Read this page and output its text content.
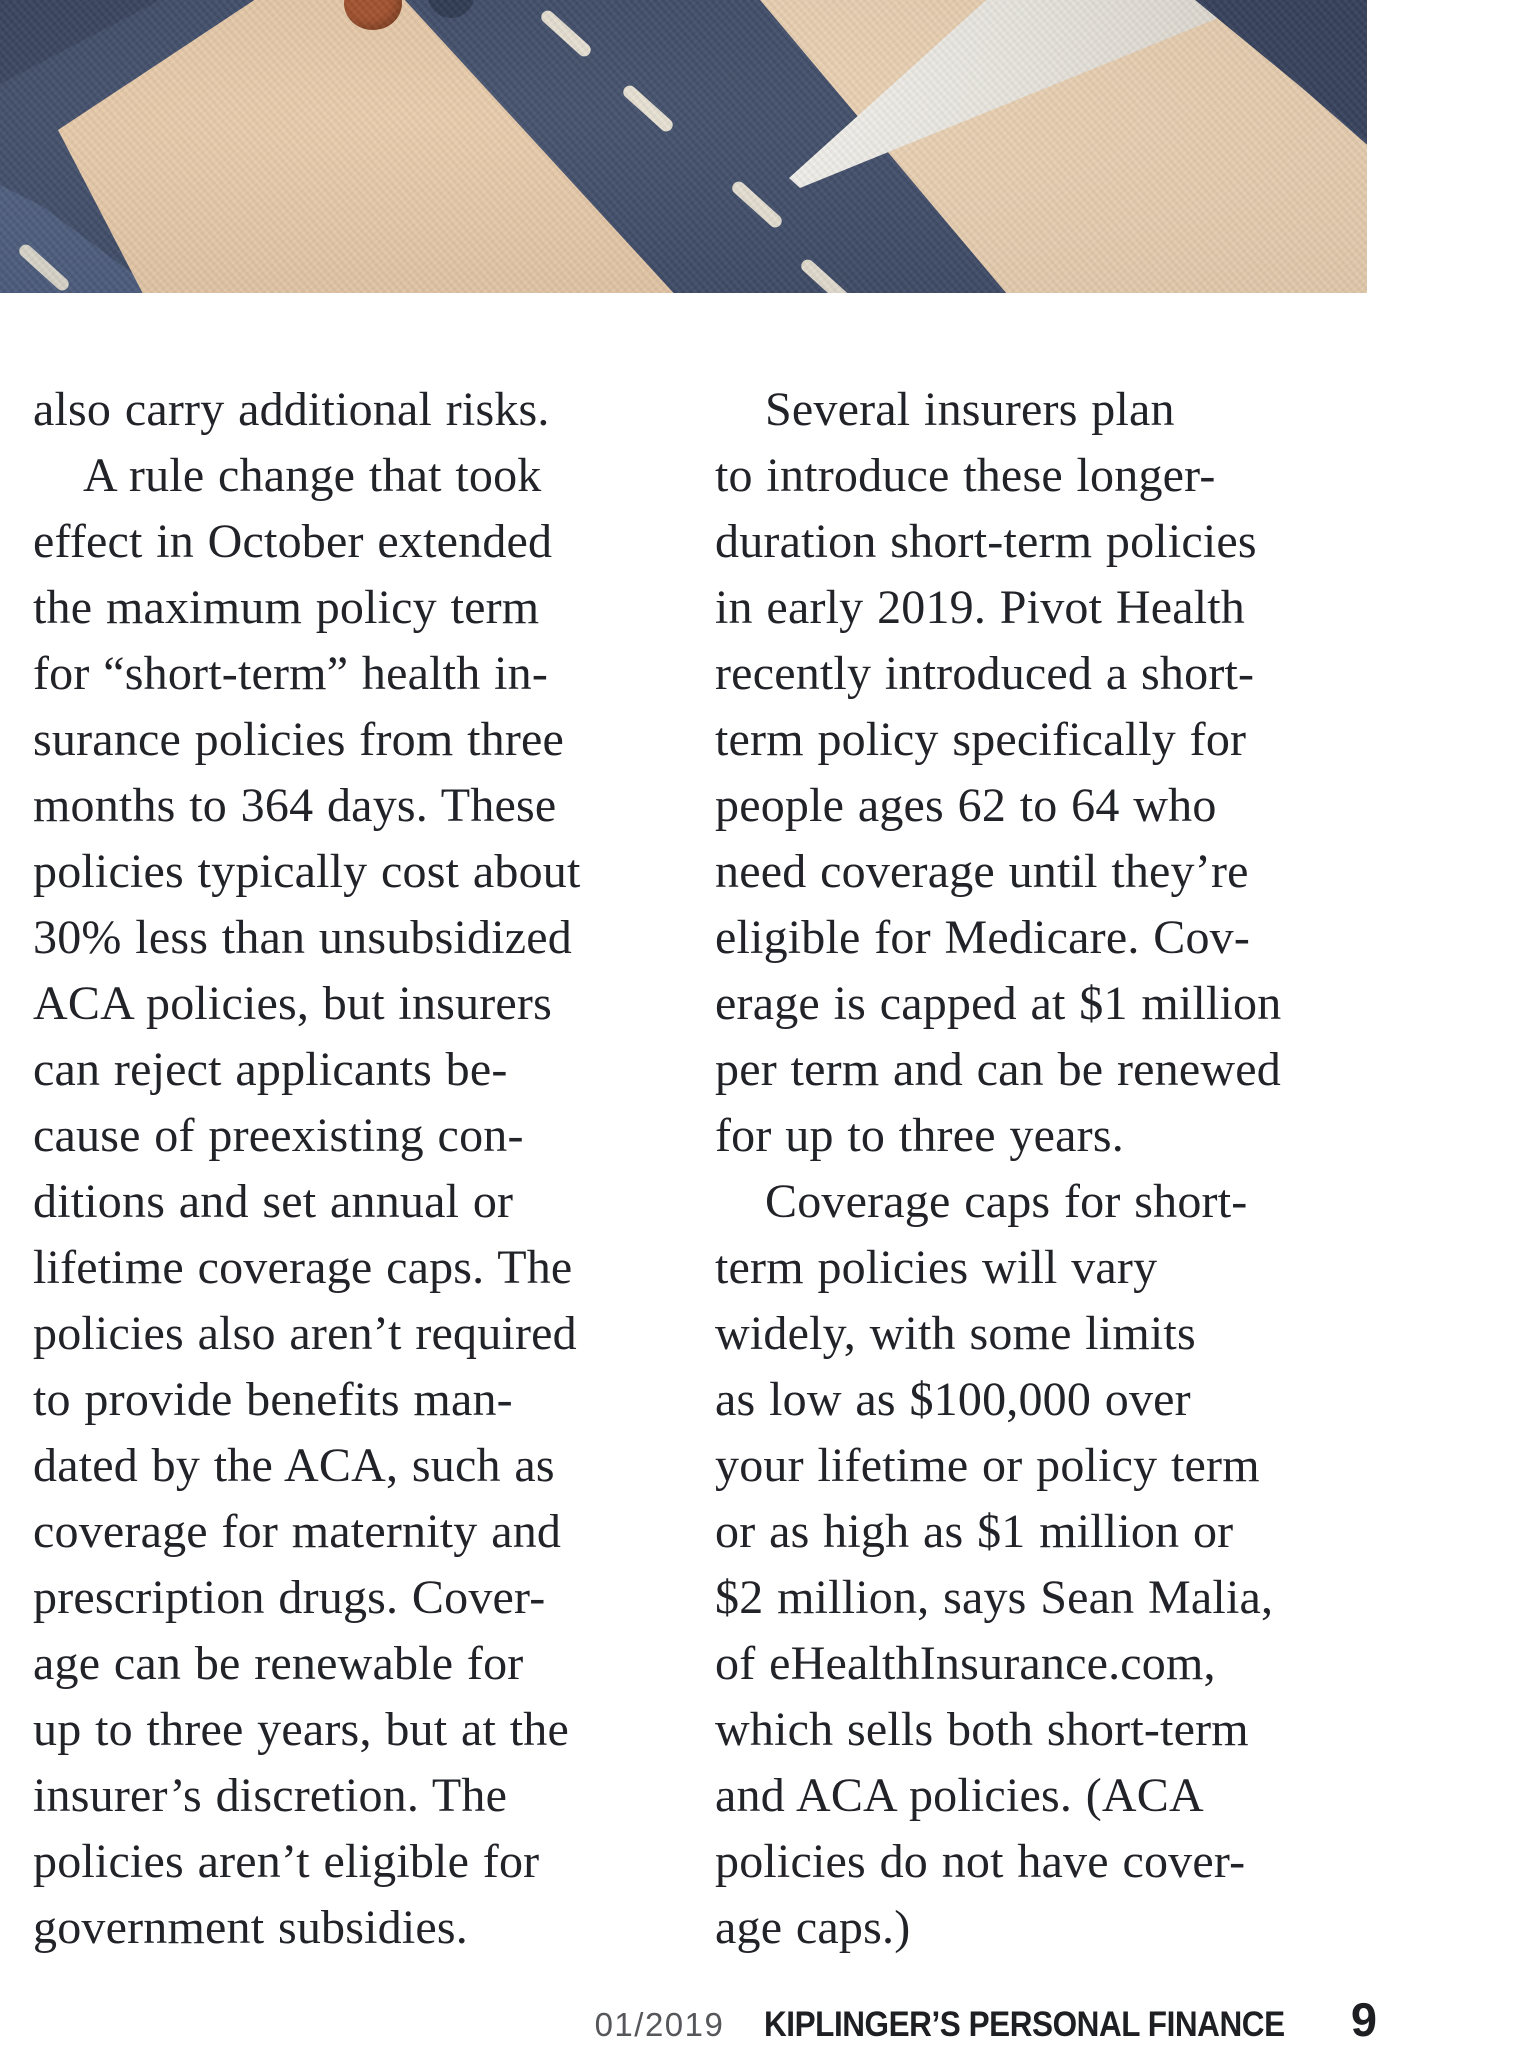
also carry additional risks.
A rule change that took
effect in October extended
the maximum policy term
for “short-term” health in-
surance policies from three
months to 364 days. These
policies typically cost about
30% less than unsubsidized
ACA policies, but insurers
can reject applicants be-
cause of preexisting con-
ditions and set annual or
lifetime coverage caps. The
policies also aren’t required
to provide benefits man-
dated by the ACA, such as
coverage for maternity and
prescription drugs. Cover-
age can be renewable for
up to three years, but at the
insurer’s discretion. The
policies aren’t eligible for
government subsidies.
Several insurers plan
to introduce these longer-
duration short-term policies
in early 2019. Pivot Health
recently introduced a short-
term policy specifically for
people ages 62 to 64 who
need coverage until they’re
eligible for Medicare. Cov-
erage is capped at $1 million
per term and can be renewed
for up to three years.
Coverage caps for short-
term policies will vary
widely, with some limits
as low as $100,000 over
your lifetime or policy term
or as high as $1 million or
$2 million, says Sean Malia,
of eHealthInsurance.com,
which sells both short-term
and ACA policies. (ACA
policies do not have cover-
age caps.)
01/2019 KIPLINGER’S PERSONAL FINANCE 9
